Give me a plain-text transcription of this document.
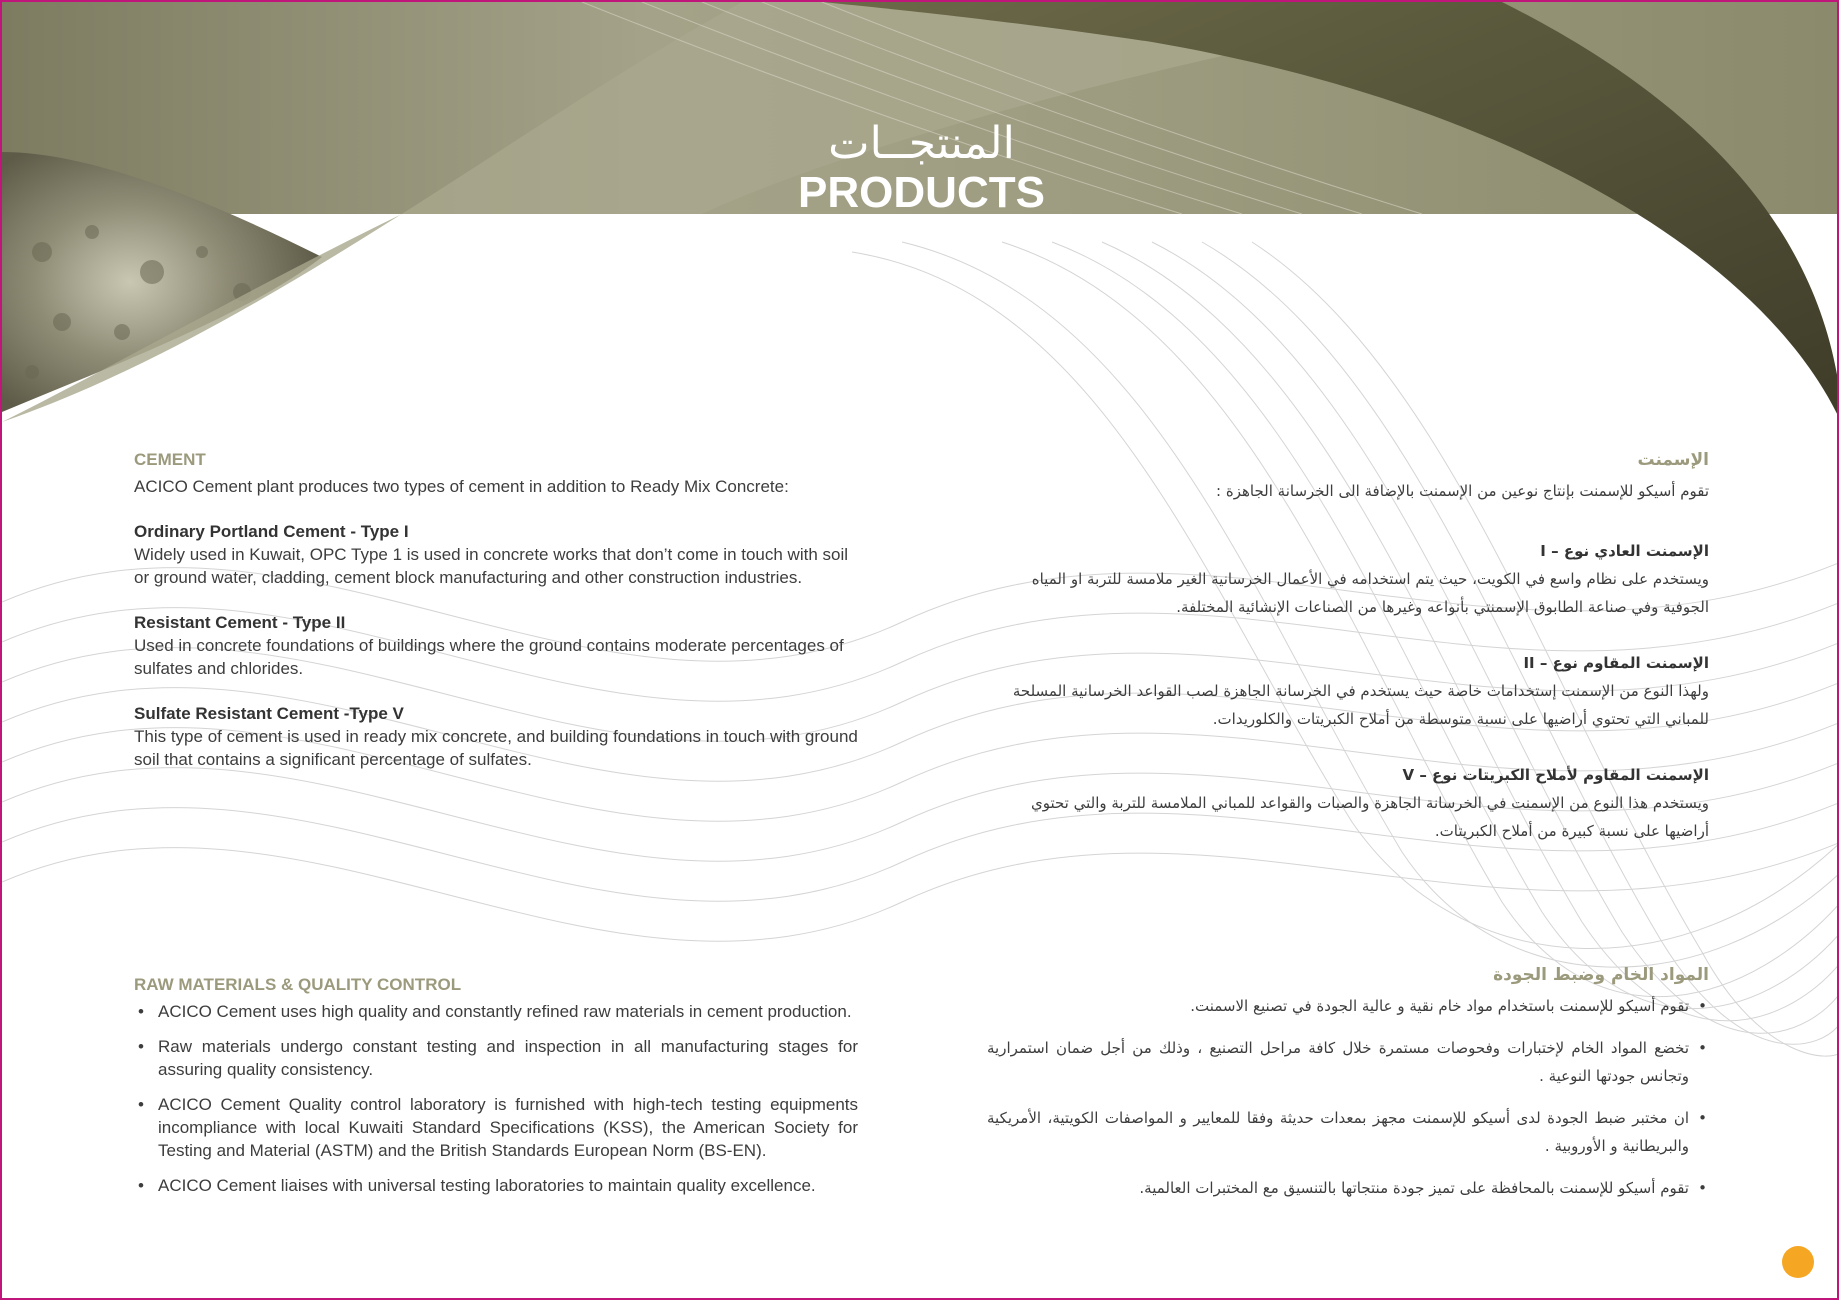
المنتجــات
PRODUCTS
CEMENT
ACICO Cement plant produces two types of cement in addition to Ready Mix Concrete:
Ordinary Portland Cement - Type I
Widely used in Kuwait, OPC Type 1 is used in concrete works that don’t come in touch with soil or ground water, cladding, cement block manufacturing and other construction industries.
Resistant Cement - Type II
Used in concrete foundations of buildings where the ground contains moderate percentages of sulfates and chlorides.
Sulfate Resistant Cement -Type V
This type of cement is used in ready mix concrete, and building foundations in touch with ground soil that contains a significant percentage of sulfates.
الإسمنت
تقوم أسيكو للإسمنت بإنتاج نوعين من الإسمنت بالإضافة الى الخرسانة الجاهزة :
الإسمنت العادي نوع – I
ويستخدم على نظام واسع في الكويت، حيث يتم استخدامه في الأعمال الخرسانية الغير ملامسة للتربة او المياه الجوفية وفي صناعة الطابوق الإسمنتي بأنواعه وغيرها من الصناعات الإنشائية المختلفة.
الإسمنت المقاوم نوع – II
ولهذا النوع من الإسمنت إستخدامات خاصة حيث يستخدم في الخرسانة الجاهزة لصب القواعد الخرسانية المسلحة للمباني التي تحتوي أراضيها على نسبة متوسطة من أملاح الكبريتات والكلوريدات.
الإسمنت المقاوم لأملاح الكبريتات نوع – V
ويستخدم هذا النوع من الإسمنت في الخرسانة الجاهزة والصبات والقواعد للمباني الملامسة للتربة والتي تحتوي أراضيها على نسبة كبيرة من أملاح الكبريتات.
RAW MATERIALS & QUALITY CONTROL
• ACICO Cement uses high quality and constantly refined raw materials in cement production.
• Raw materials undergo constant testing and inspection in all manufacturing stages for assuring quality consistency.
• ACICO Cement Quality control laboratory is furnished with high-tech testing equipments incompliance with local Kuwaiti Standard Specifications (KSS), the American Society for Testing and Material (ASTM) and the British Standards European Norm (BS-EN).
• ACICO Cement liaises with universal testing laboratories to maintain quality excellence.
المواد الخام وضبط الجودة
• تقوم أسيكو للإسمنت باستخدام مواد خام نقية و عالية الجودة في تصنيع الاسمنت.
• تخضع المواد الخام لإختبارات وفحوصات مستمرة خلال كافة مراحل التصنيع ، وذلك من أجل ضمان استمرارية وتجانس جودتها النوعية .
• ان مختبر ضبط الجودة لدى أسيكو للإسمنت مجهز بمعدات حديثة وفقا للمعايير و المواصفات الكويتية، الأمريكية والبريطانية و الأوروبية .
• تقوم أسيكو للإسمنت بالمحافظة على تميز جودة منتجاتها بالتنسيق مع المختبرات العالمية.
